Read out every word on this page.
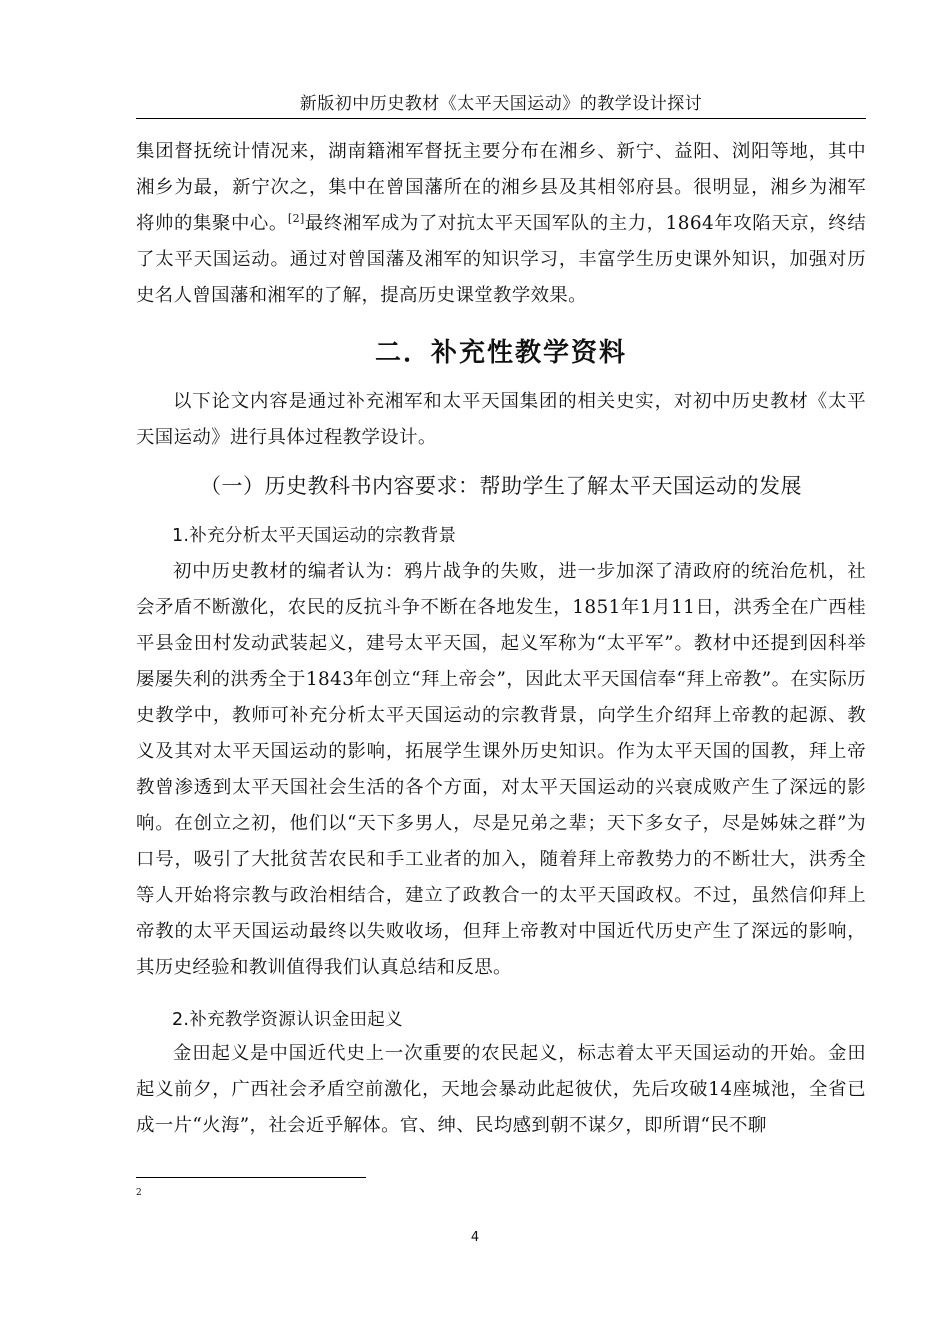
新版初中历史教材《太平天国运动》的教学设计探讨

集团督抚统计情况来，湖南籍湘军督抚主要分布在湘乡、新宁、益阳、浏阳等地，其中湘乡为最，新宁次之，集中在曾国藩所在的湘乡县及其相邻府县。很明显，湘乡为湘军将帅的集聚中心。[2]最终湘军成为了对抗太平天国军队的主力，1864年攻陷天京，终结了太平天国运动。通过对曾国藩及湘军的知识学习，丰富学生历史课外知识，加强对历史名人曾国藩和湘军的了解，提高历史课堂教学效果。

二．补充性教学资料

以下论文内容是通过补充湘军和太平天国集团的相关史实，对初中历史教材《太平天国运动》进行具体过程教学设计。

（一）历史教科书内容要求：帮助学生了解太平天国运动的发展
1.补充分析太平天国运动的宗教背景

初中历史教材的编者认为：鸦片战争的失败，进一步加深了清政府的统治危机，社会矛盾不断激化，农民的反抗斗争不断在各地发生，1851年1月11日，洪秀全在广西桂平县金田村发动武装起义，建号太平天国，起义军称为“太平军”。教材中还提到因科举屡屡失利的洪秀全于1843年创立“拜上帝会”，因此太平天国信奉“拜上帝教”。在实际历史教学中，教师可补充分析太平天国运动的宗教背景，向学生介绍拜上帝教的起源、教义及其对太平天国运动的影响，拓展学生课外历史知识。作为太平天国的国教，拜上帝教曾渗透到太平天国社会生活的各个方面，对太平天国运动的兴衰成败产生了深远的影响。在创立之初，他们以“天下多男人，尽是兄弟之辈；天下多女子，尽是姊妹之群”为口号，吸引了大批贫苦农民和手工业者的加入，随着拜上帝教势力的不断壮大，洪秀全等人开始将宗教与政治相结合，建立了政教合一的太平天国政权。不过，虽然信仰拜上帝教的太平天国运动最终以失败收场，但拜上帝教对中国近代历史产生了深远的影响，其历史经验和教训值得我们认真总结和反思。

2.补充教学资源认识金田起义

金田起义是中国近代史上一次重要的农民起义，标志着太平天国运动的开始。金田起义前夕，广西社会矛盾空前激化，天地会暴动此起彼伏，先后攻破14座城池，全省已成一片“火海”，社会近乎解体。官、绅、民均感到朝不谋夕，即所谓“民不聊

2
4
